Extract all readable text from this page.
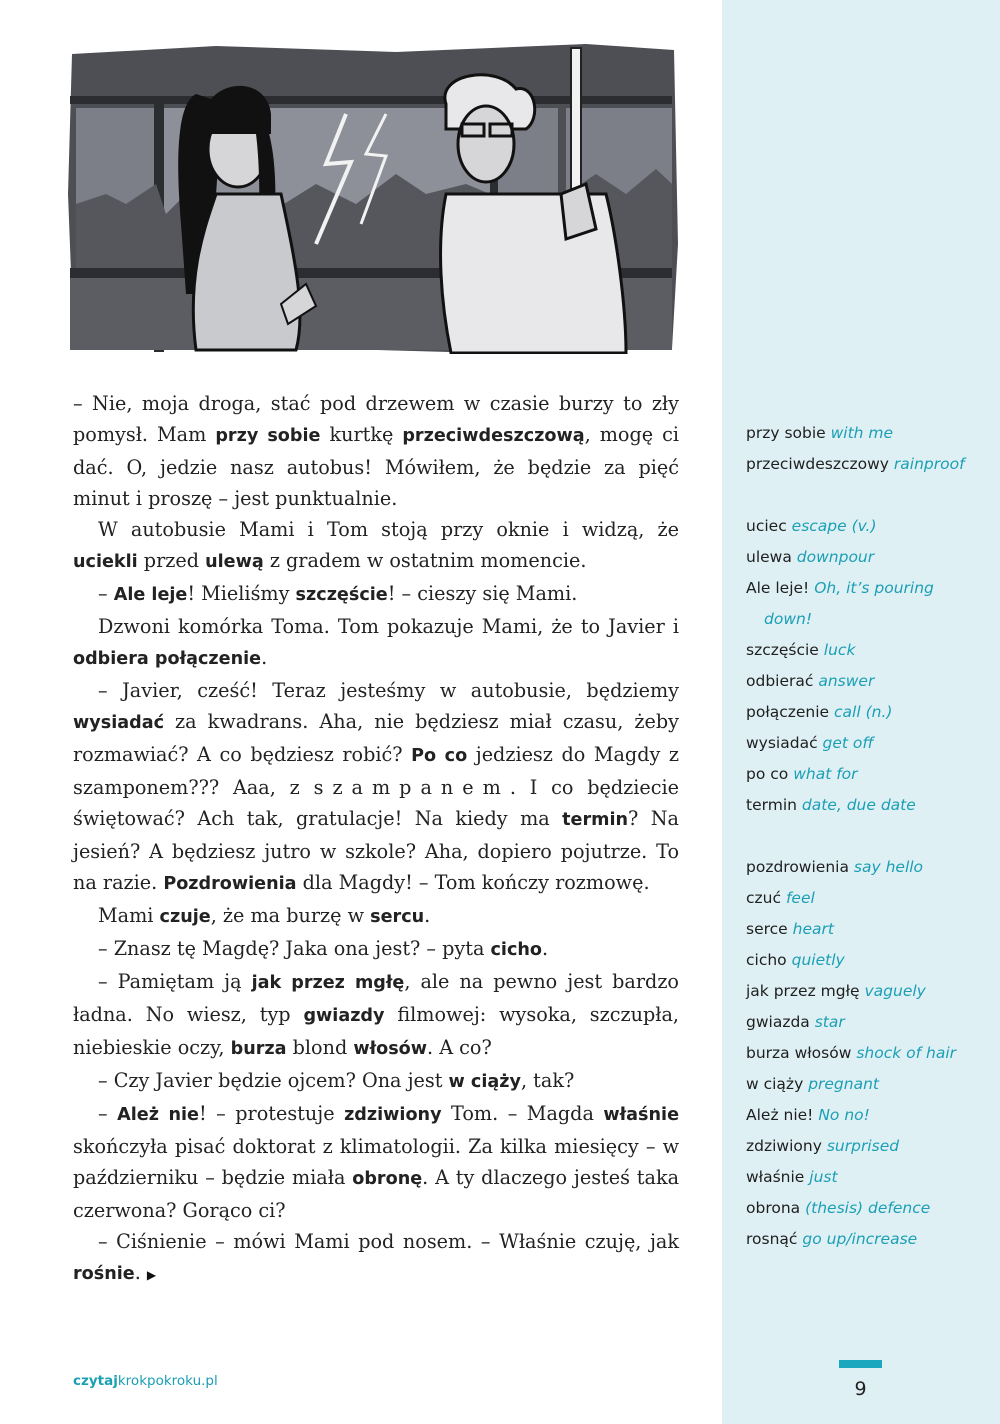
– Nie, moja droga, stać pod drzewem w czasie burzy to zły pomysł. Mam przy sobie kurtkę przeciwdeszczową, mogę ci dać. O, jedzie nasz autobus! Mówiłem, że będzie za pięć minut i proszę – jest punktualnie.

W autobusie Mami i Tom stoją przy oknie i widzą, że uciekli przed ulewą z gradem w ostatnim momencie.

– Ale leje! Mieliśmy szczęście! – cieszy się Mami.

Dzwoni komórka Toma. Tom pokazuje Mami, że to Javier i odbiera połączenie.

– Javier, cześć! Teraz jesteśmy w autobusie, będziemy wysiadać za kwadrans. Aha, nie będziesz miał czasu, żeby rozmawiać? A co będziesz robić? Po co jedziesz do Magdy z szamponem??? Aaa, z szampanem. I co będziecie świętować? Ach tak, gratulacje! Na kiedy ma termin? Na jesień? A będziesz jutro w szkole? Aha, dopiero pojutrze. To na razie. Pozdrowienia dla Magdy! – Tom kończy rozmowę.

Mami czuje, że ma burzę w sercu.

– Znasz tę Magdę? Jaka ona jest? – pyta cicho.

– Pamiętam ją jak przez mgłę, ale na pewno jest bardzo ładna. No wiesz, typ gwiazdy filmowej: wysoka, szczupła, niebieskie oczy, burza blond włosów. A co?

– Czy Javier będzie ojcem? Ona jest w ciąży, tak?

– Ależ nie! – protestuje zdziwiony Tom. – Magda właśnie skończyła pisać doktorat z klimatologii. Za kilka miesięcy – w październiku – będzie miała obronę. A ty dlaczego jesteś taka czerwona? Gorąco ci?

– Ciśnienie – mówi Mami pod nosem. – Właśnie czuję, jak rośnie. ▶

przy sobie with me
przeciwdeszczowy rainproof
uciec escape (v.)
ulewa downpour
Ale leje! Oh, it’s pouring
down!
szczęście luck
odbierać answer
połączenie call (n.)
wysiadać get off
po co what for
termin date, due date
pozdrowienia say hello
czuć feel
serce heart
cicho quietly
jak przez mgłę vaguely
gwiazda star
burza włosów shock of hair
w ciąży pregnant
Ależ nie! No no!
zdziwiony surprised
właśnie just
obrona (thesis) defence
rosnąć go up/increase
czytajkrokpokroku.pl	9
